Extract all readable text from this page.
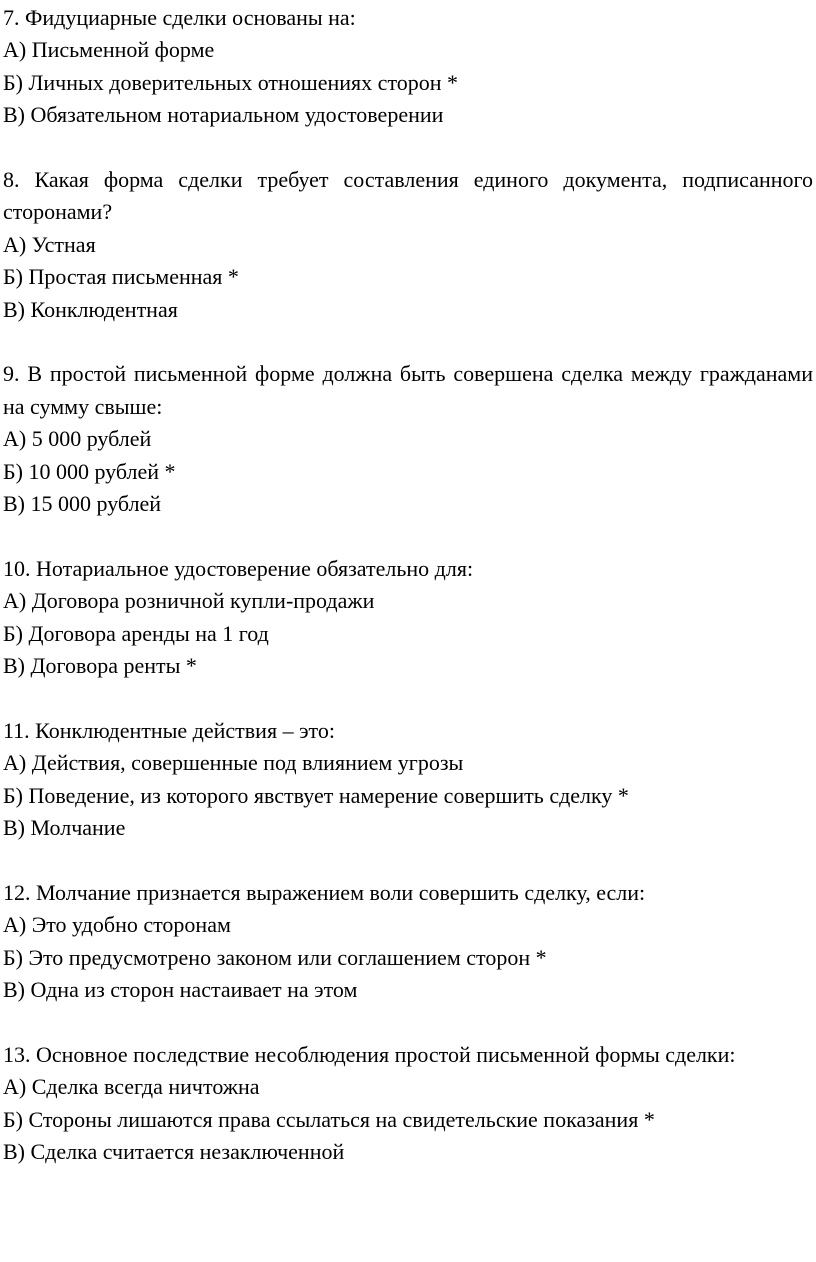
7. Фидуциарные сделки основаны на:

А) Письменной форме

Б) Личных доверительных отношениях сторон *

В) Обязательном нотариальном удостоверении

8. Какая форма сделки требует составления единого документа, подписанного сторонами?

А) Устная

Б) Простая письменная *

В) Конклюдентная

9. В простой письменной форме должна быть совершена сделка между гражданами на сумму свыше:

А) 5 000 рублей

Б) 10 000 рублей *

В) 15 000 рублей

10. Нотариальное удостоверение обязательно для:

А) Договора розничной купли-продажи

Б) Договора аренды на 1 год

В) Договора ренты *

11. Конклюдентные действия – это:

А) Действия, совершенные под влиянием угрозы

Б) Поведение, из которого явствует намерение совершить сделку *

В) Молчание

12. Молчание признается выражением воли совершить сделку, если:

А) Это удобно сторонам

Б) Это предусмотрено законом или соглашением сторон *

В) Одна из сторон настаивает на этом

13. Основное последствие несоблюдения простой письменной формы сделки:

А) Сделка всегда ничтожна

Б) Стороны лишаются права ссылаться на свидетельские показания *

В) Сделка считается незаключенной
